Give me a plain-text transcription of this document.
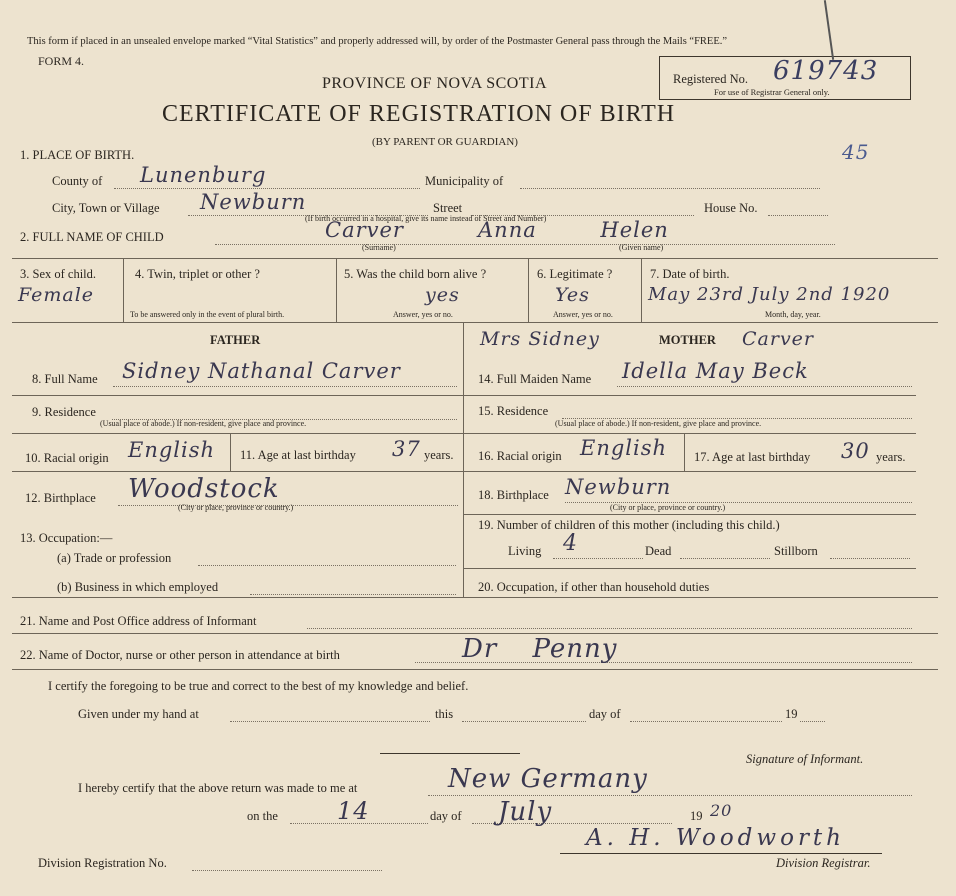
This form if placed in an unsealed envelope marked “Vital Statistics” and properly addressed will, by order of the Postmaster General pass through the Mails “FREE.”
FORM 4.
PROVINCE OF NOVA SCOTIA
CERTIFICATE OF REGISTRATION OF BIRTH
(BY PARENT OR GUARDIAN)
Registered No. 619743
For use of Registrar General only.
45
1. PLACE OF BIRTH.
County of Lunenburg	Municipality of
City, Town or Village Newburn	Street	House No.
(If birth occurred in a hospital, give its name instead of Street and Number)
2. FULL NAME OF CHILD	Carver	Anna Helen
(Surname)	(Given name)
3. Sex of child.
Female
4. Twin, triplet or other ?
To be answered only in the event of plural birth.
5. Was the child born alive ?
yes
Answer, yes or no.
6. Legitimate ?
Yes
Answer, yes or no.
7. Date of birth.
May 23rd July 2nd 1920
Month, day, year.
FATHER	MOTHER
Mrs Sidney	Carver
8. Full Name Sidney Nathanal Carver	14. Full Maiden Name Idella May Beck
9. Residence
(Usual place of abode.) If non-resident, give place and province.
15. Residence
(Usual place of abode.) If non-resident, give place and province.
10. Racial origin English 11. Age at last birthday 37 years. 16. Racial origin English 17. Age at last birthday 30 years.
12. Birthplace Woodstock
(City or place, province or country.)
18. Birthplace Newburn
(City or place, province or country.)
13. Occupation:—
(a) Trade or profession
(b) Business in which employed
19. Number of children of this mother (including this child.)
Living 4	Dead	Stillborn
20. Occupation, if other than household duties
21. Name and Post Office address of Informant
22. Name of Doctor, nurse or other person in attendance at birth	Dr Penny
I certify the foregoing to be true and correct to the best of my knowledge and belief.
Given under my hand at	this	day of	19
Signature of Informant.
I hereby certify that the above return was made to me at	New Germany
on the 14	day of July	19 20
A. H. Woodworth
Division Registration No.	Division Registrar.
